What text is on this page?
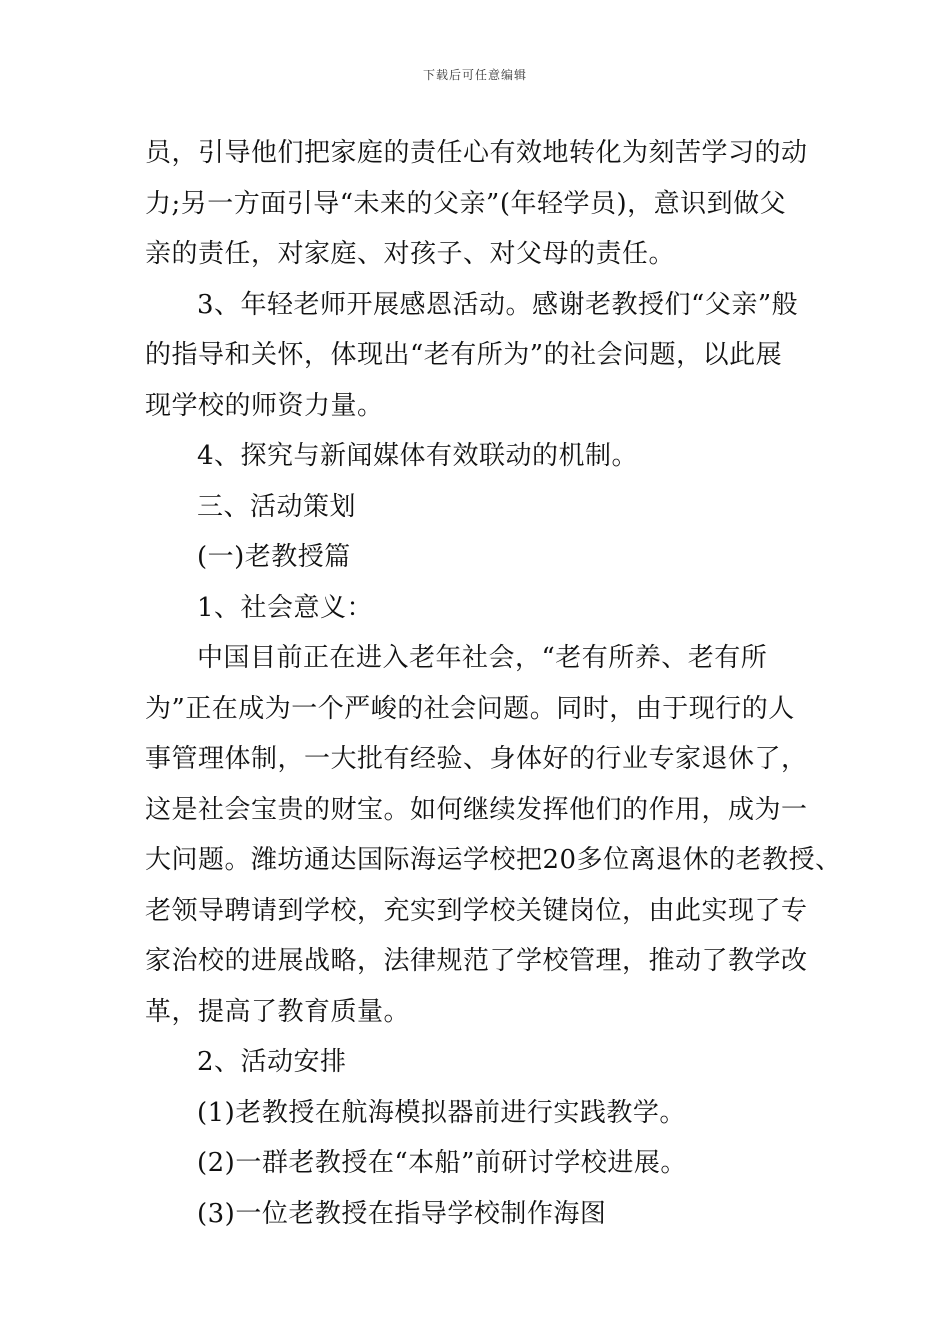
下载后可任意编辑

员，引导他们把家庭的责任心有效地转化为刻苦学习的动

力;另一方面引导“未来的父亲”(年轻学员)，意识到做父

亲的责任，对家庭、对孩子、对父母的责任。

3、年轻老师开展感恩活动。感谢老教授们“父亲”般

的指导和关怀，体现出“老有所为”的社会问题，以此展

现学校的师资力量。

4、探究与新闻媒体有效联动的机制。

三、活动策划

(一)老教授篇

1、社会意义：

中国目前正在进入老年社会，“老有所养、老有所

为”正在成为一个严峻的社会问题。同时，由于现行的人

事管理体制，一大批有经验、身体好的行业专家退休了，

这是社会宝贵的财宝。如何继续发挥他们的作用，成为一

大问题。潍坊通达国际海运学校把20多位离退休的老教授、

老领导聘请到学校，充实到学校关键岗位，由此实现了专

家治校的进展战略，法律规范了学校管理，推动了教学改

革，提高了教育质量。

2、活动安排

(1)老教授在航海模拟器前进行实践教学。

(2)一群老教授在“本船”前研讨学校进展。

(3)一位老教授在指导学校制作海图
